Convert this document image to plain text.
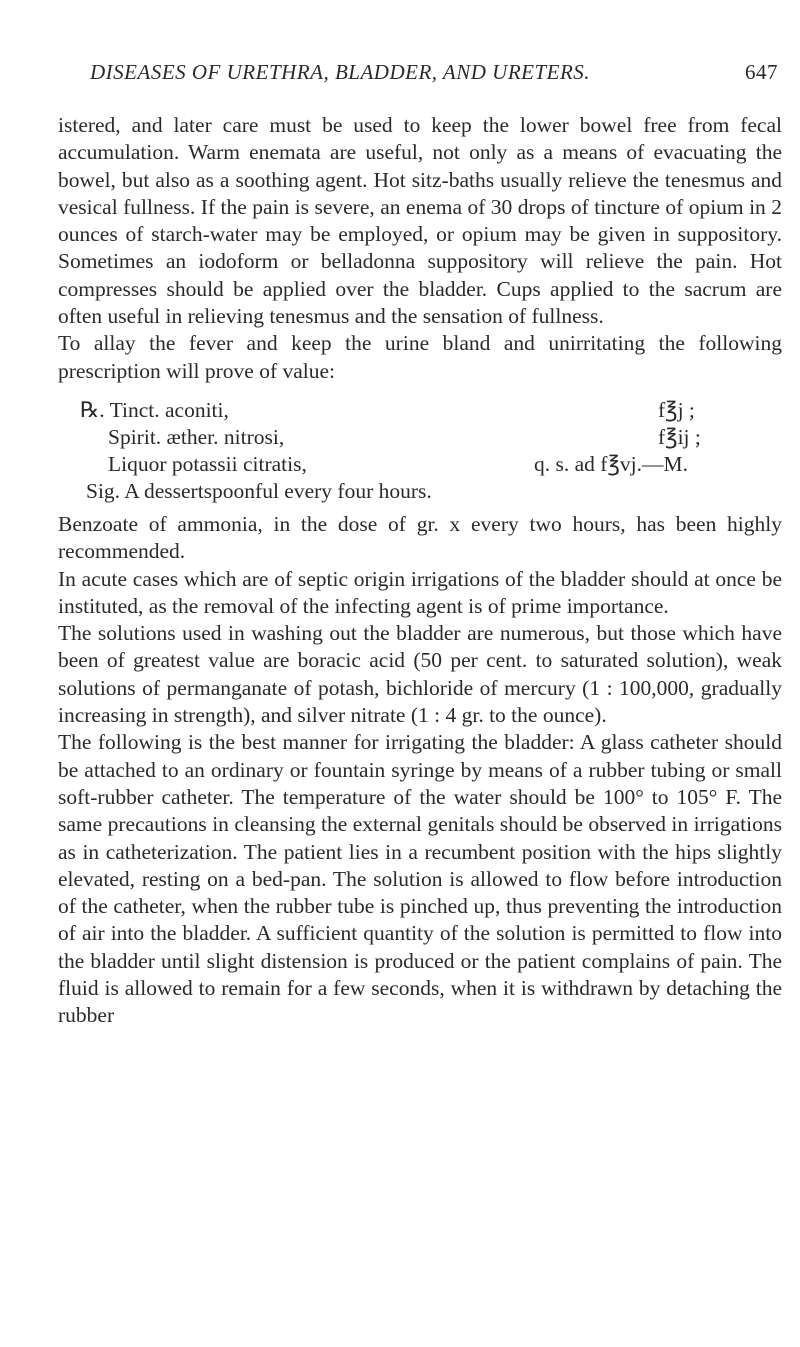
DISEASES OF URETHRA, BLADDER, AND URETERS.	647

istered, and later care must be used to keep the lower bowel free from fecal accumulation. Warm enemata are useful, not only as a means of evacuating the bowel, but also as a soothing agent. Hot sitz-baths usually relieve the tenesmus and vesical fullness. If the pain is severe, an enema of 30 drops of tincture of opium in 2 ounces of starch-water may be employed, or opium may be given in suppository. Sometimes an iodoform or belladonna suppository will relieve the pain. Hot compresses should be applied over the bladder. Cups applied to the sacrum are often useful in relieving tenesmus and the sensation of fullness.

To allay the fever and keep the urine bland and unirritating the following prescription will prove of value:

℞. Tinct. aconiti,	f℥j ;
Spirit. æther. nitrosi,	f℥ij ;
Liquor potassii citratis,	q. s. ad f℥vj.—M.
Sig. A dessertspoonful every four hours.

Benzoate of ammonia, in the dose of gr. x every two hours, has been highly recommended.

In acute cases which are of septic origin irrigations of the bladder should at once be instituted, as the removal of the infecting agent is of prime importance.

The solutions used in washing out the bladder are numerous, but those which have been of greatest value are boracic acid (50 per cent. to saturated solution), weak solutions of permanganate of potash, bichloride of mercury (1 : 100,000, gradually increasing in strength), and silver nitrate (1 : 4 gr. to the ounce).

The following is the best manner for irrigating the bladder: A glass catheter should be attached to an ordinary or fountain syringe by means of a rubber tubing or small soft-rubber catheter. The temperature of the water should be 100° to 105° F. The same precautions in cleansing the external genitals should be observed in irrigations as in catheterization. The patient lies in a recumbent position with the hips slightly elevated, resting on a bed-pan. The solution is allowed to flow before introduction of the catheter, when the rubber tube is pinched up, thus preventing the introduction of air into the bladder. A sufficient quantity of the solution is permitted to flow into the bladder until slight distension is produced or the patient complains of pain. The fluid is allowed to remain for a few seconds, when it is withdrawn by detaching the rubber
